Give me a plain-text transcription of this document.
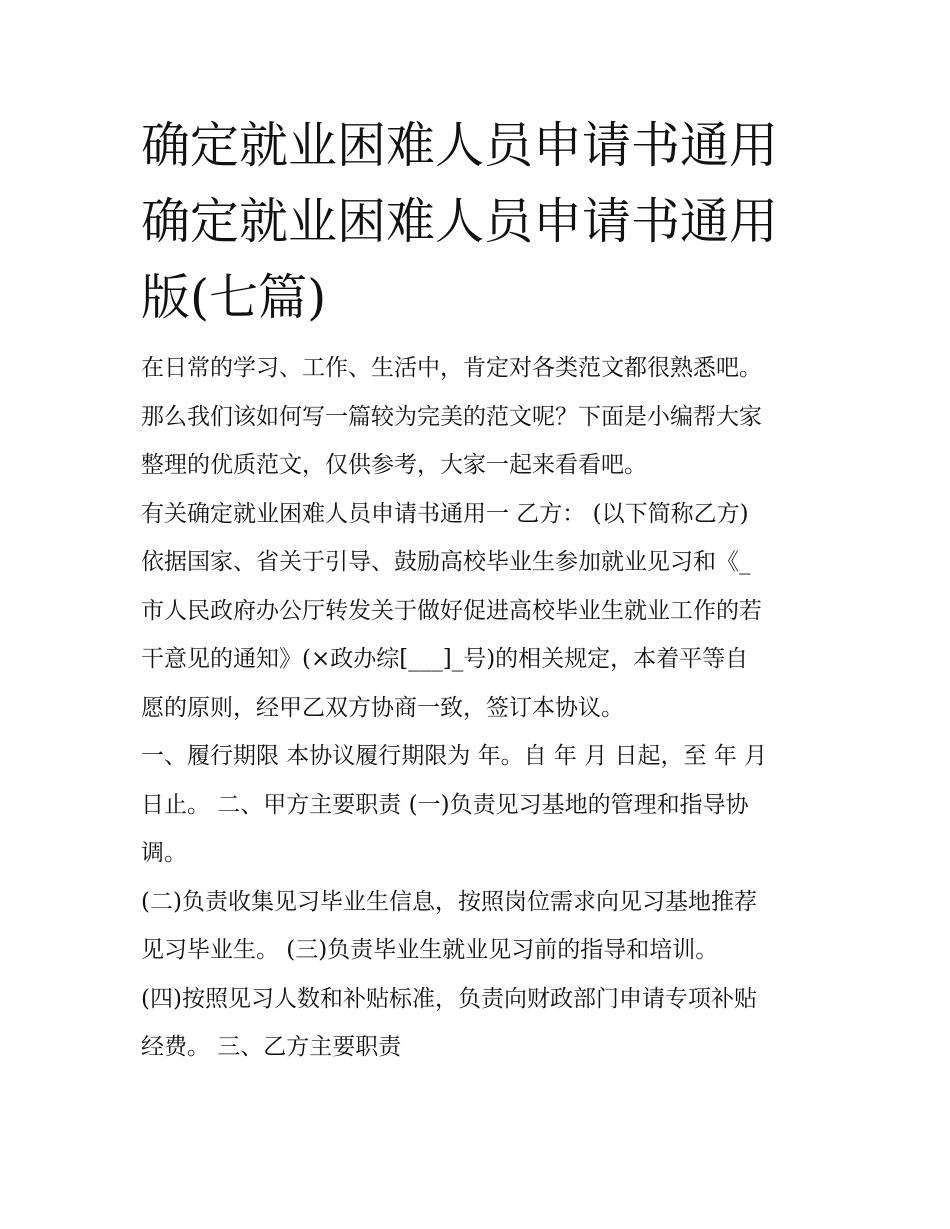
确定就业困难人员申请书通用
确定就业困难人员申请书通用
版(七篇)

在日常的学习、工作、生活中，肯定对各类范文都很熟悉吧。
那么我们该如何写一篇较为完美的范文呢？下面是小编帮大家
整理的优质范文，仅供参考，大家一起来看看吧。

有关确定就业困难人员申请书通用一 乙方： (以下简称乙方)
依据国家、省关于引导、鼓励高校毕业生参加就业见习和《_
市人民政府办公厅转发关于做好促进高校毕业生就业工作的若
干意见的通知》(×政办综[___]_号)的相关规定，本着平等自
愿的原则，经甲乙双方协商一致，签订本协议。

一、履行期限 本协议履行期限为 年。自 年 月 日起，至 年 月
日止。 二、甲方主要职责 (一)负责见习基地的管理和指导协
调。

(二)负责收集见习毕业生信息，按照岗位需求向见习基地推荐
见习毕业生。 (三)负责毕业生就业见习前的指导和培训。

(四)按照见习人数和补贴标准，负责向财政部门申请专项补贴
经费。 三、乙方主要职责
